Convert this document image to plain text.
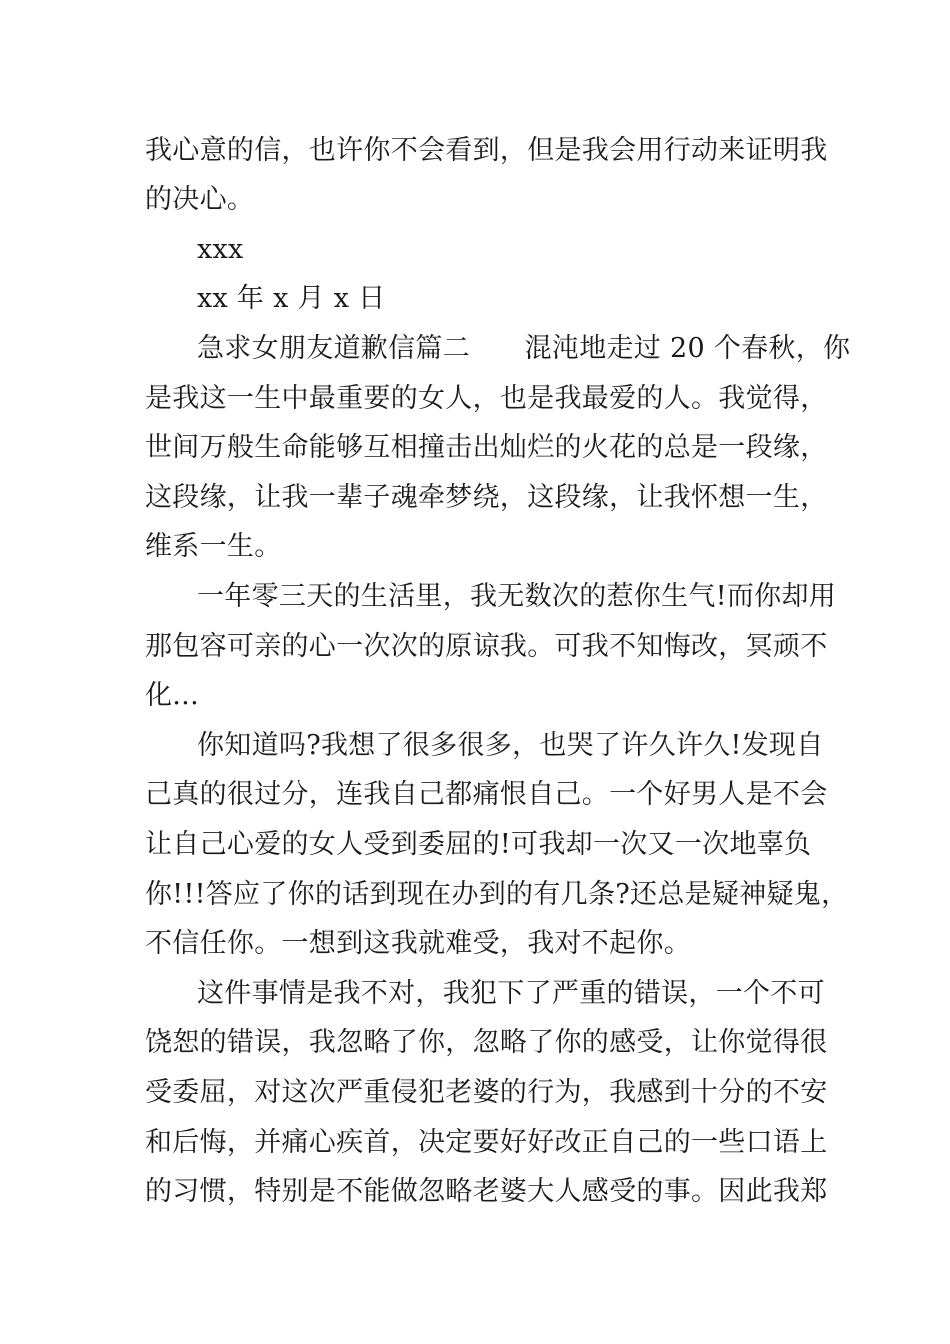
我心意的信，也许你不会看到，但是我会用行动来证明我
的决心。
xxx
xx 年 x 月 x 日
急求女朋友道歉信篇二　　混沌地走过 20 个春秋，你
是我这一生中最重要的女人，也是我最爱的人。我觉得，
世间万般生命能够互相撞击出灿烂的火花的总是一段缘，
这段缘，让我一辈子魂牵梦绕，这段缘，让我怀想一生，
维系一生。
一年零三天的生活里，我无数次的惹你生气!而你却用
那包容可亲的心一次次的原谅我。可我不知悔改，冥顽不
化...
你知道吗?我想了很多很多，也哭了许久许久!发现自
己真的很过分，连我自己都痛恨自己。一个好男人是不会
让自己心爱的女人受到委屈的!可我却一次又一次地辜负
你!!!答应了你的话到现在办到的有几条?还总是疑神疑鬼，
不信任你。一想到这我就难受，我对不起你。
这件事情是我不对，我犯下了严重的错误，一个不可
饶恕的错误，我忽略了你，忽略了你的感受，让你觉得很
受委屈，对这次严重侵犯老婆的行为，我感到十分的不安
和后悔，并痛心疾首，决定要好好改正自己的一些口语上
的习惯，特别是不能做忽略老婆大人感受的事。因此我郑
